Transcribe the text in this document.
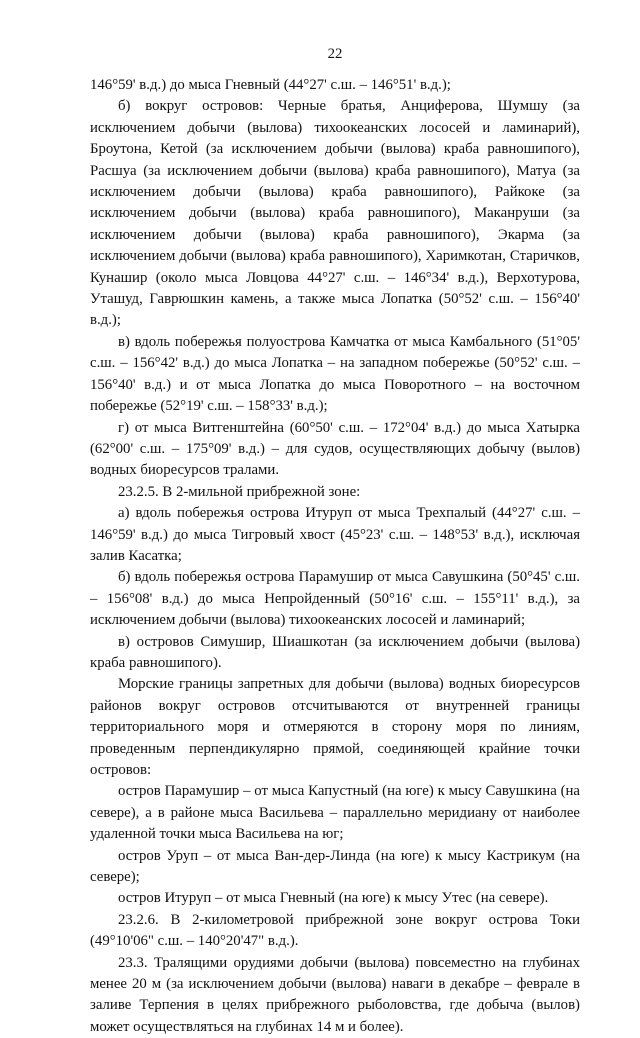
22

146°59' в.д.) до мыса Гневный (44°27' с.ш. – 146°51' в.д.);

б) вокруг островов: Черные братья, Анциферова, Шумшу (за исключением добычи (вылова) тихоокеанских лососей и ламинарий), Броутона, Кетой (за исключением добычи (вылова) краба равношипого), Расшуа (за исключением добычи (вылова) краба равношипого), Матуа (за исключением добычи (вылова) краба равношипого), Райкоке (за исключением добычи (вылова) краба равношипого), Маканруши (за исключением добычи (вылова) краба равношипого), Экарма (за исключением добычи (вылова) краба равношипого), Харимкотан, Старичков, Кунашир (около мыса Ловцова 44°27' с.ш. – 146°34' в.д.), Верхотурова, Уташуд, Гаврюшкин камень, а также мыса Лопатка (50°52' с.ш. – 156°40' в.д.);

в) вдоль побережья полуострова Камчатка от мыса Камбального (51°05' с.ш. – 156°42' в.д.) до мыса Лопатка – на западном побережье (50°52' с.ш. – 156°40' в.д.) и от мыса Лопатка до мыса Поворотного – на восточном побережье (52°19' с.ш. – 158°33' в.д.);

г) от мыса Витгенштейна (60°50' с.ш. – 172°04' в.д.) до мыса Хатырка (62°00' с.ш. – 175°09' в.д.) – для судов, осуществляющих добычу (вылов) водных биоресурсов тралами.

23.2.5. В 2-мильной прибрежной зоне:

а) вдоль побережья острова Итуруп от мыса Трехпалый (44°27' с.ш. – 146°59' в.д.) до мыса Тигровый хвост (45°23' с.ш. – 148°53' в.д.), исключая залив Касатка;

б) вдоль побережья острова Парамушир от мыса Савушкина (50°45' с.ш. – 156°08' в.д.) до мыса Непройденный (50°16' с.ш. – 155°11' в.д.), за исключением добычи (вылова) тихоокеанских лососей и ламинарий;

в) островов Симушир, Шиашкотан (за исключением добычи (вылова) краба равношипого).

Морские границы запретных для добычи (вылова) водных биоресурсов районов вокруг островов отсчитываются от внутренней границы территориального моря и отмеряются в сторону моря по линиям, проведенным перпендикулярно прямой, соединяющей крайние точки островов:

остров Парамушир – от мыса Капустный (на юге) к мысу Савушкина (на севере), а в районе мыса Васильева – параллельно меридиану от наиболее удаленной точки мыса Васильева на юг;

остров Уруп – от мыса Ван-дер-Линда (на юге) к мысу Кастрикум (на севере);

остров Итуруп – от мыса Гневный (на юге) к мысу Утес (на севере).

23.2.6. В 2-километровой прибрежной зоне вокруг острова Токи (49°10'06" с.ш. – 140°20'47" в.д.).

23.3. Тралящими орудиями добычи (вылова) повсеместно на глубинах менее 20 м (за исключением добычи (вылова) наваги в декабре – феврале в заливе Терпения в целях прибрежного рыболовства, где добыча (вылов) может осуществляться на глубинах 14 м и более).
